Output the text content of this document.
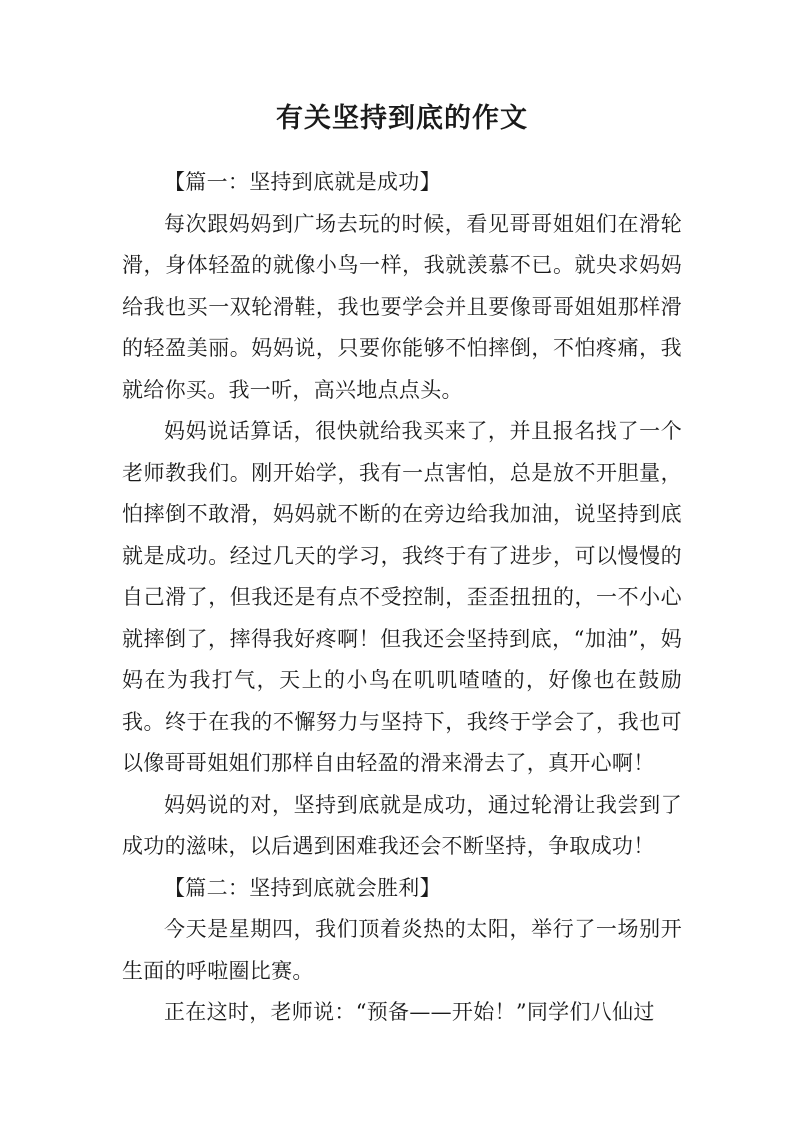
有关坚持到底的作文

【篇一：坚持到底就是成功】

每次跟妈妈到广场去玩的时候，看见哥哥姐姐们在滑轮滑，身体轻盈的就像小鸟一样，我就羡慕不已。就央求妈妈给我也买一双轮滑鞋，我也要学会并且要像哥哥姐姐那样滑的轻盈美丽。妈妈说，只要你能够不怕摔倒，不怕疼痛，我就给你买。我一听，高兴地点点头。

妈妈说话算话，很快就给我买来了，并且报名找了一个老师教我们。刚开始学，我有一点害怕，总是放不开胆量，怕摔倒不敢滑，妈妈就不断的在旁边给我加油，说坚持到底就是成功。经过几天的学习，我终于有了进步，可以慢慢的自己滑了，但我还是有点不受控制，歪歪扭扭的，一不小心就摔倒了，摔得我好疼啊！但我还会坚持到底，“加油”，妈妈在为我打气，天上的小鸟在叽叽喳喳的，好像也在鼓励我。终于在我的不懈努力与坚持下，我终于学会了，我也可以像哥哥姐姐们那样自由轻盈的滑来滑去了，真开心啊！

妈妈说的对，坚持到底就是成功，通过轮滑让我尝到了成功的滋味，以后遇到困难我还会不断坚持，争取成功！

【篇二：坚持到底就会胜利】

今天是星期四，我们顶着炎热的太阳，举行了一场别开生面的呼啦圈比赛。

正在这时，老师说：“预备——开始！”同学们八仙过
